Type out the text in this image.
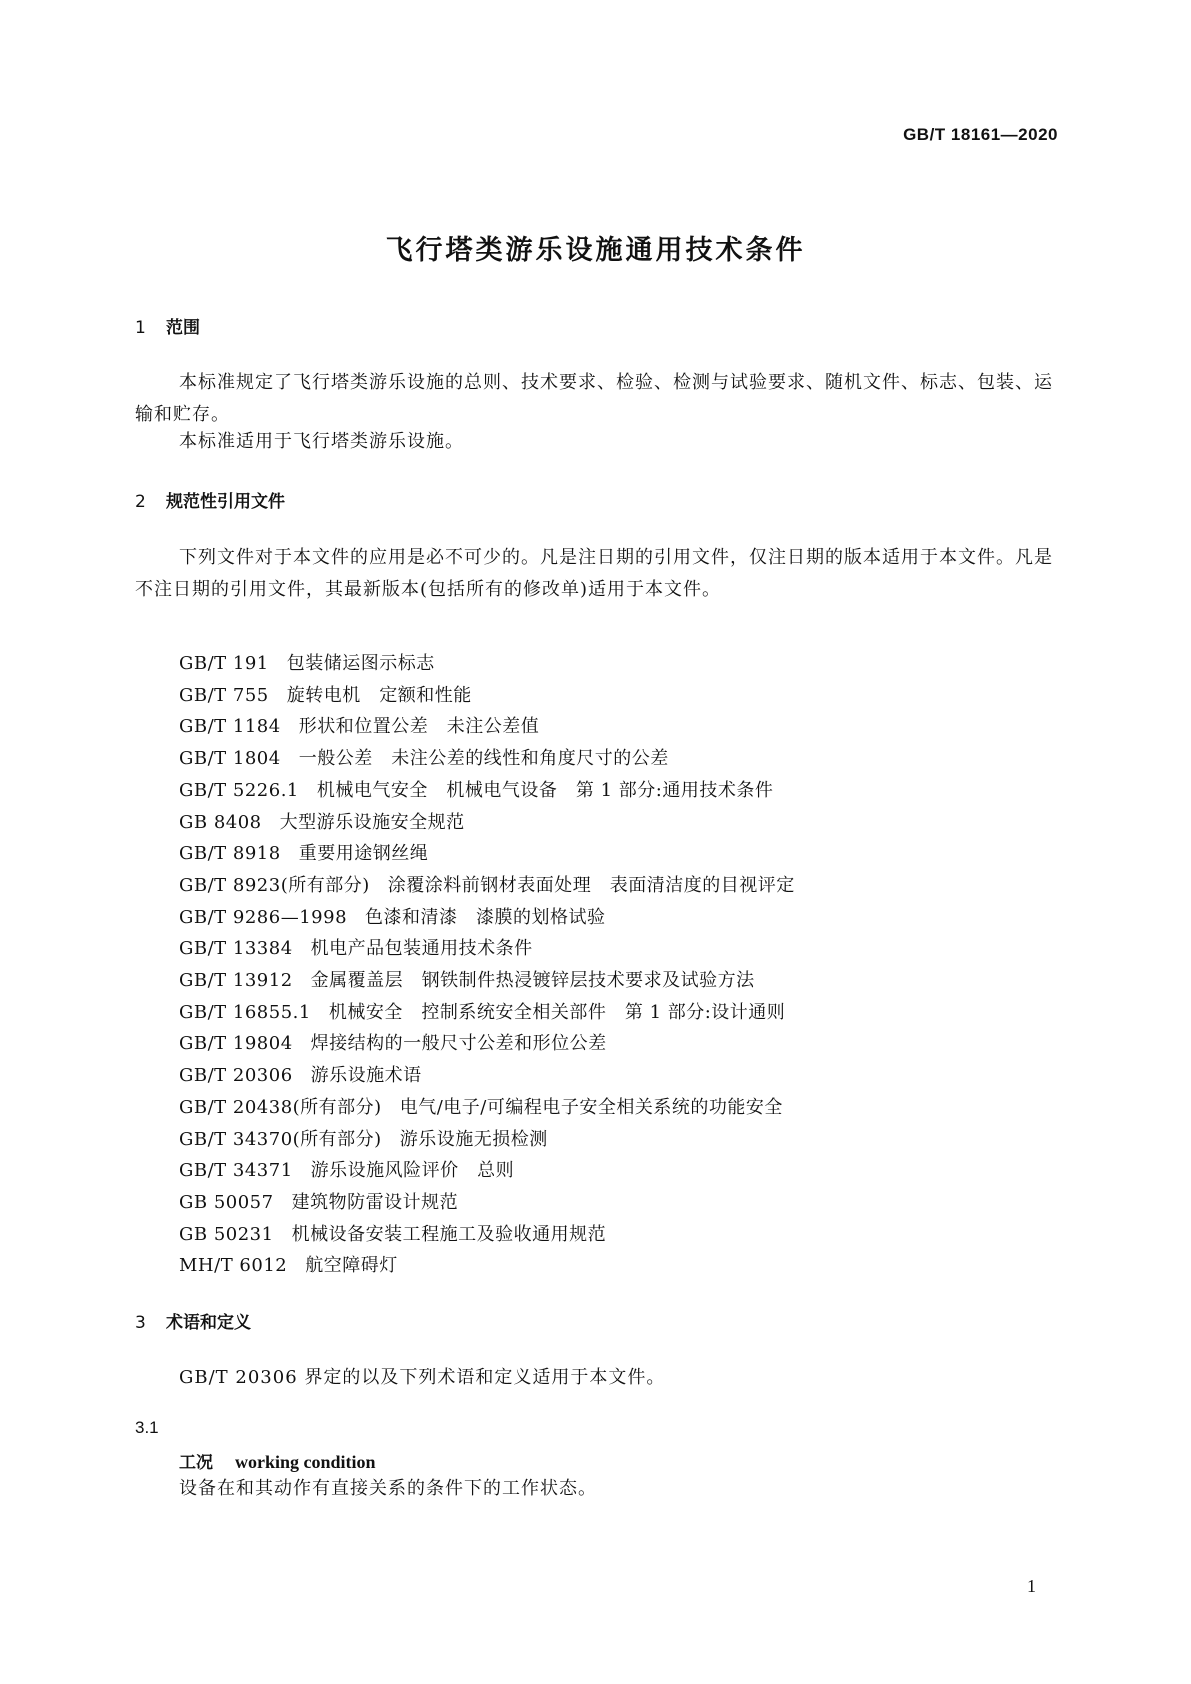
GB/T 18161—2020
飞行塔类游乐设施通用技术条件
1 范围
本标准规定了飞行塔类游乐设施的总则、技术要求、检验、检测与试验要求、随机文件、标志、包装、运输和贮存。
本标准适用于飞行塔类游乐设施。
2 规范性引用文件
下列文件对于本文件的应用是必不可少的。凡是注日期的引用文件，仅注日期的版本适用于本文件。凡是不注日期的引用文件，其最新版本(包括所有的修改单)适用于本文件。
GB/T 191 包装储运图示标志
GB/T 755 旋转电机　定额和性能
GB/T 1184 形状和位置公差　未注公差值
GB/T 1804 一般公差　未注公差的线性和角度尺寸的公差
GB/T 5226.1 机械电气安全　机械电气设备　第 1 部分:通用技术条件
GB 8408 大型游乐设施安全规范
GB/T 8918 重要用途钢丝绳
GB/T 8923(所有部分) 涂覆涂料前钢材表面处理　表面清洁度的目视评定
GB/T 9286—1998 色漆和清漆　漆膜的划格试验
GB/T 13384 机电产品包装通用技术条件
GB/T 13912 金属覆盖层　钢铁制件热浸镀锌层技术要求及试验方法
GB/T 16855.1 机械安全　控制系统安全相关部件　第 1 部分:设计通则
GB/T 19804 焊接结构的一般尺寸公差和形位公差
GB/T 20306 游乐设施术语
GB/T 20438(所有部分) 电气/电子/可编程电子安全相关系统的功能安全
GB/T 34370(所有部分) 游乐设施无损检测
GB/T 34371 游乐设施风险评价　总则
GB 50057 建筑物防雷设计规范
GB 50231 机械设备安装工程施工及验收通用规范
MH/T 6012 航空障碍灯
3 术语和定义
GB/T 20306 界定的以及下列术语和定义适用于本文件。
3.1
工况 working condition
设备在和其动作有直接关系的条件下的工作状态。
1
